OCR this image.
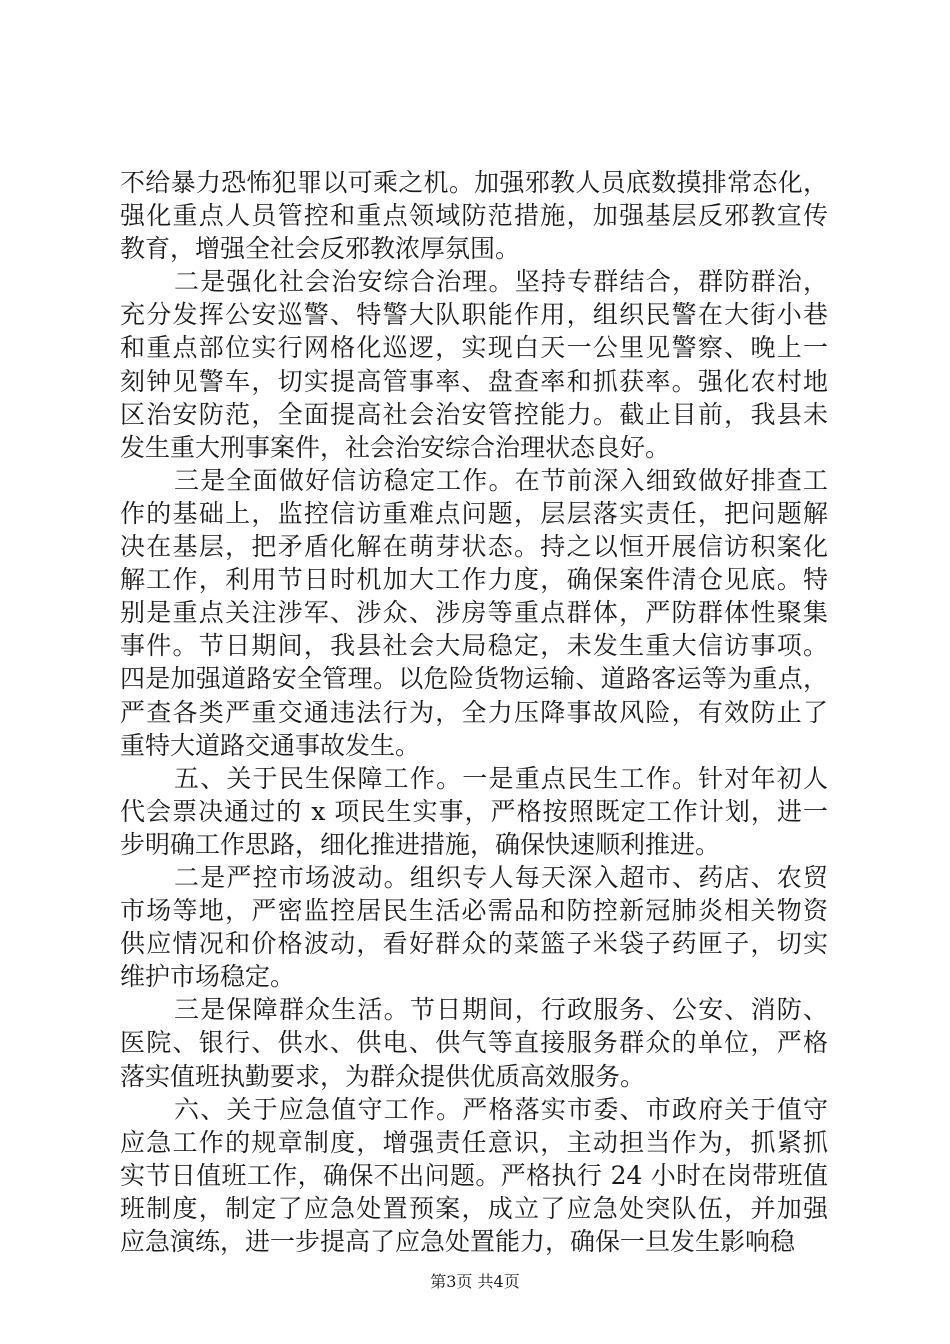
不给暴力恐怖犯罪以可乘之机。加强邪教人员底数摸排常态化，
强化重点人员管控和重点领域防范措施，加强基层反邪教宣传
教育，增强全社会反邪教浓厚氛围。
二是强化社会治安综合治理。坚持专群结合，群防群治，
充分发挥公安巡警、特警大队职能作用，组织民警在大街小巷
和重点部位实行网格化巡逻，实现白天一公里见警察、晚上一
刻钟见警车，切实提高管事率、盘查率和抓获率。强化农村地
区治安防范，全面提高社会治安管控能力。截止目前，我县未
发生重大刑事案件，社会治安综合治理状态良好。
三是全面做好信访稳定工作。在节前深入细致做好排查工
作的基础上，监控信访重难点问题，层层落实责任，把问题解
决在基层，把矛盾化解在萌芽状态。持之以恒开展信访积案化
解工作，利用节日时机加大工作力度，确保案件清仓见底。特
别是重点关注涉军、涉众、涉房等重点群体，严防群体性聚集
事件。节日期间，我县社会大局稳定，未发生重大信访事项。
四是加强道路安全管理。以危险货物运输、道路客运等为重点，
严查各类严重交通违法行为，全力压降事故风险，有效防止了
重特大道路交通事故发生。
五、关于民生保障工作。一是重点民生工作。针对年初人
代会票决通过的 x 项民生实事，严格按照既定工作计划，进一
步明确工作思路，细化推进措施，确保快速顺利推进。
二是严控市场波动。组织专人每天深入超市、药店、农贸
市场等地，严密监控居民生活必需品和防控新冠肺炎相关物资
供应情况和价格波动，看好群众的菜篮子米袋子药匣子，切实
维护市场稳定。
三是保障群众生活。节日期间，行政服务、公安、消防、
医院、银行、供水、供电、供气等直接服务群众的单位，严格
落实值班执勤要求，为群众提供优质高效服务。
六、关于应急值守工作。严格落实市委、市政府关于值守
应急工作的规章制度，增强责任意识，主动担当作为，抓紧抓
实节日值班工作，确保不出问题。严格执行 24 小时在岗带班值
班制度，制定了应急处置预案，成立了应急处突队伍，并加强
应急演练，进一步提高了应急处置能力，确保一旦发生影响稳
第3页 共4页
